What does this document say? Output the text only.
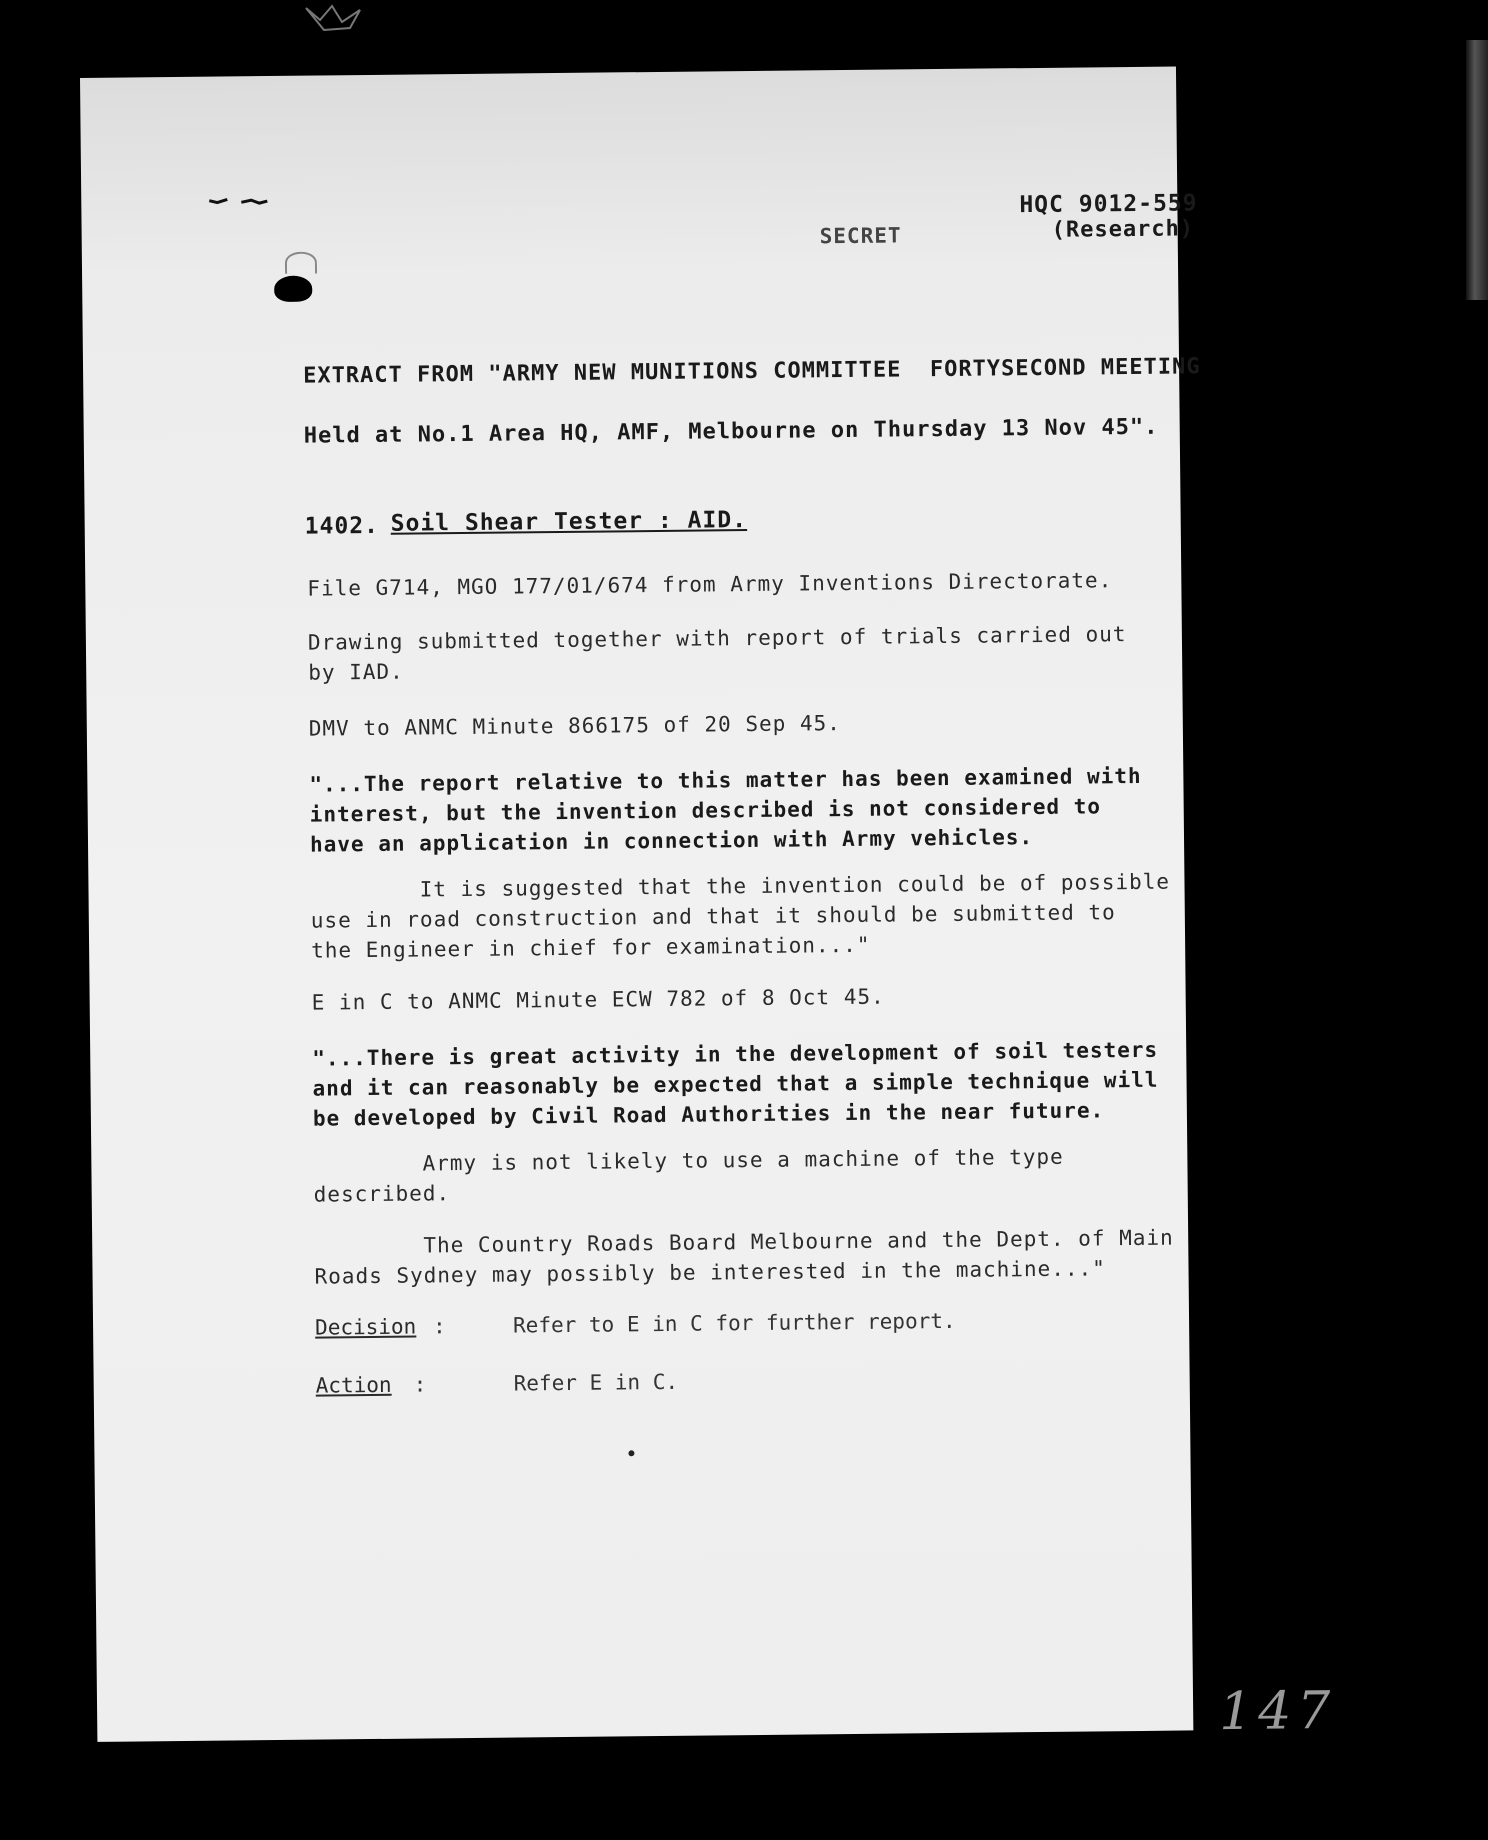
SECRET
HQC 9012-559
(Research)
EXTRACT FROM "ARMY NEW MUNITIONS COMMITTEE  FORTYSECOND MEETING
Held at No.1 Area HQ, AMF, Melbourne on Thursday 13 Nov 45".
1402. Soil Shear Tester : AID.
File G714, MGO 177/01/674 from Army Inventions Directorate.
Drawing submitted together with report of trials carried out
by IAD.
DMV to ANMC Minute 866175 of 20 Sep 45.
"...The report relative to this matter has been examined with
interest, but the invention described is not considered to
have an application in connection with Army vehicles.
It is suggested that the invention could be of possible
use in road construction and that it should be submitted to
the Engineer in chief for examination..."
E in C to ANMC Minute ECW 782 of 8 Oct 45.
"...There is great activity in the development of soil testers
and it can reasonably be expected that a simple technique will
be developed by Civil Road Authorities in the near future.
Army is not likely to use a machine of the type
described.
The Country Roads Board Melbourne and the Dept. of Main
Roads Sydney may possibly be interested in the machine..."
Decision :	Refer to E in C for further report.
Action :	Refer E in C.
147
